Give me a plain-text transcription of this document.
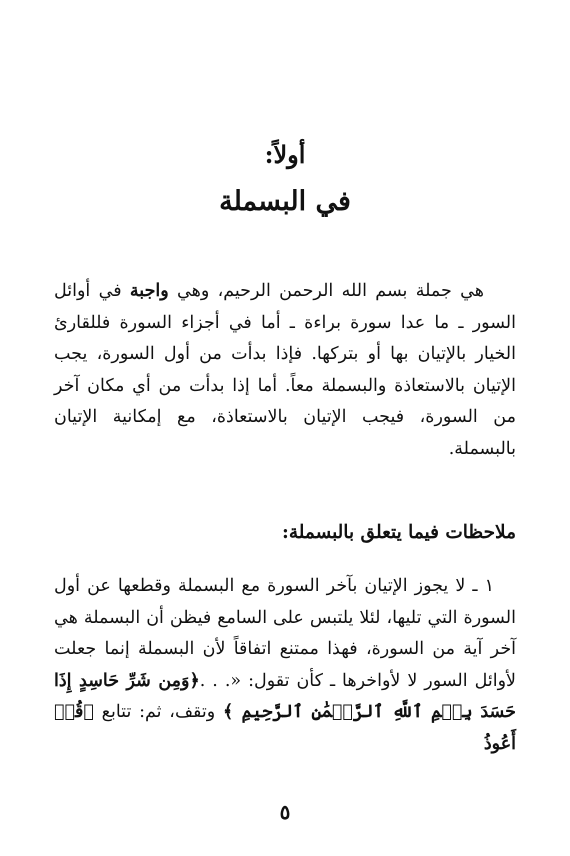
أولاً:
في البسملة

هي جملة بسم الله الرحمن الرحيم، وهي واجبة في أوائل السور ـ ما عدا سورة براءة ـ أما في أجزاء السورة فللقارئ الخيار بالإتيان بها أو بتركها. فإذا بدأت من أول السورة، يجب الإتيان بالاستعاذة والبسملة معاً. أما إذا بدأت من أي مكان آخر من السورة، فيجب الإتيان بالاستعاذة، مع إمكانية الإتيان بالبسملة.

ملاحظات فيما يتعلق بالبسملة:

١ ـ لا يجوز الإتيان بآخر السورة مع البسملة وقطعها عن أول السورة التي تليها، لئلا يلتبس على السامع فيظن أن البسملة هي آخر آية من السورة، فهذا ممتنع اتفاقاً لأن البسملة إنما جعلت لأوائل السور لا لأواخرها ـ كأن تقول: «. . .﴿وَمِن شَرِّ حَاسِدٍ إِذَا حَسَدَ بِسۡمِ ٱللَّهِ ٱلرَّحۡمَٰنِ ٱلرَّحِيمِ ﴾ وتقف، ثم: تتابع ﴿قُلۡ أَعُوذُ

٥
